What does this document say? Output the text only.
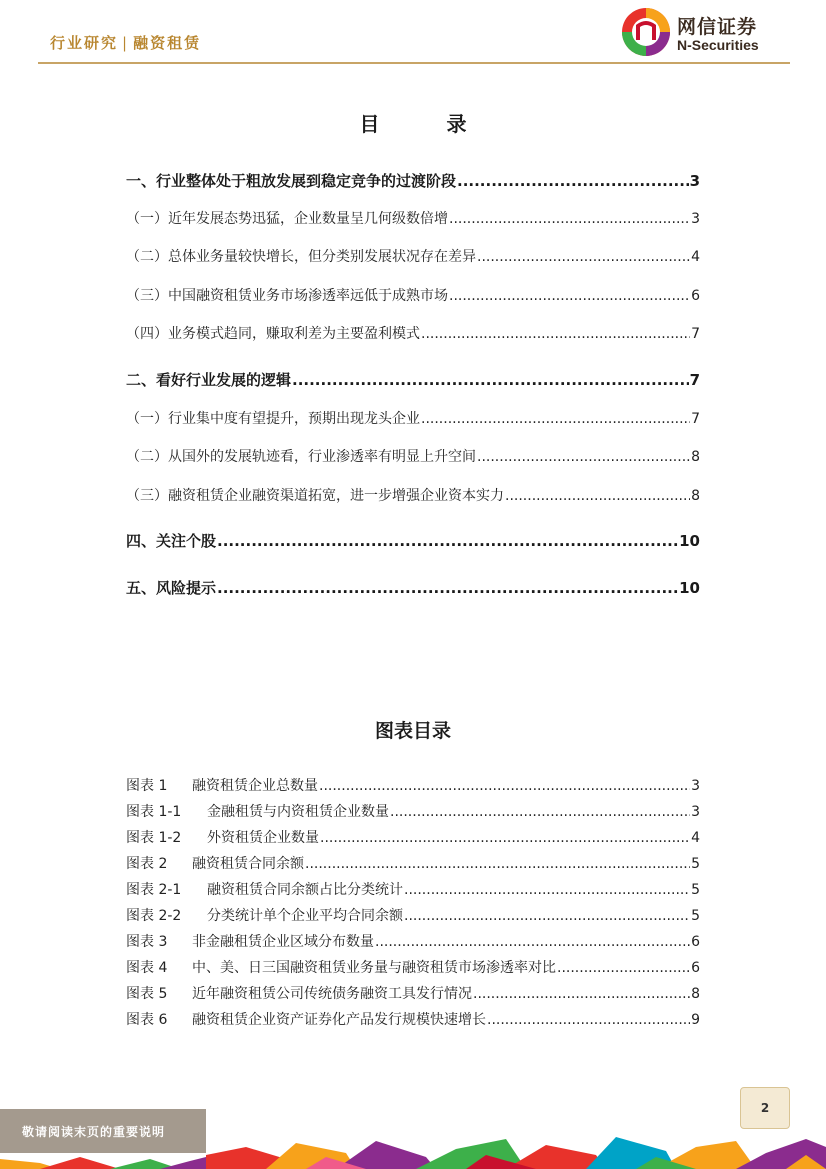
行业研究 | 融资租赁
网信证券
N-Securities
目 录
一、行业整体处于粗放发展到稳定竞争的过渡阶段 .....	3
（一）近年发展态势迅猛，企业数量呈几何级数倍增 .....	3
（二）总体业务量较快增长，但分类别发展状况存在差异 .....	4
（三）中国融资租赁业务市场渗透率远低于成熟市场 .....	6
（四）业务模式趋同，赚取利差为主要盈利模式 .....	7
二、看好行业发展的逻辑 .....	7
（一）行业集中度有望提升，预期出现龙头企业 .....	7
（二）从国外的发展轨迹看，行业渗透率有明显上升空间 .....	8
（三）融资租赁企业融资渠道拓宽，进一步增强企业资本实力 .....	8
四、关注个股 .....	10
五、风险提示 .....	10
图表目录
图表 1 融资租赁企业总数量 .....	3
图表 1-1 金融租赁与内资租赁企业数量 .....	3
图表 1-2 外资租赁企业数量 .....	4
图表 2 融资租赁合同余额 .....	5
图表 2-1 融资租赁合同余额占比分类统计 .....	5
图表 2-2 分类统计单个企业平均合同余额 .....	5
图表 3 非金融租赁企业区域分布数量 .....	6
图表 4 中、美、日三国融资租赁业务量与融资租赁市场渗透率对比 .....	6
图表 5 近年融资租赁公司传统债务融资工具发行情况 .....	8
图表 6 融资租赁企业资产证券化产品发行规模快速增长 .....	9
2
敬请阅读末页的重要说明
